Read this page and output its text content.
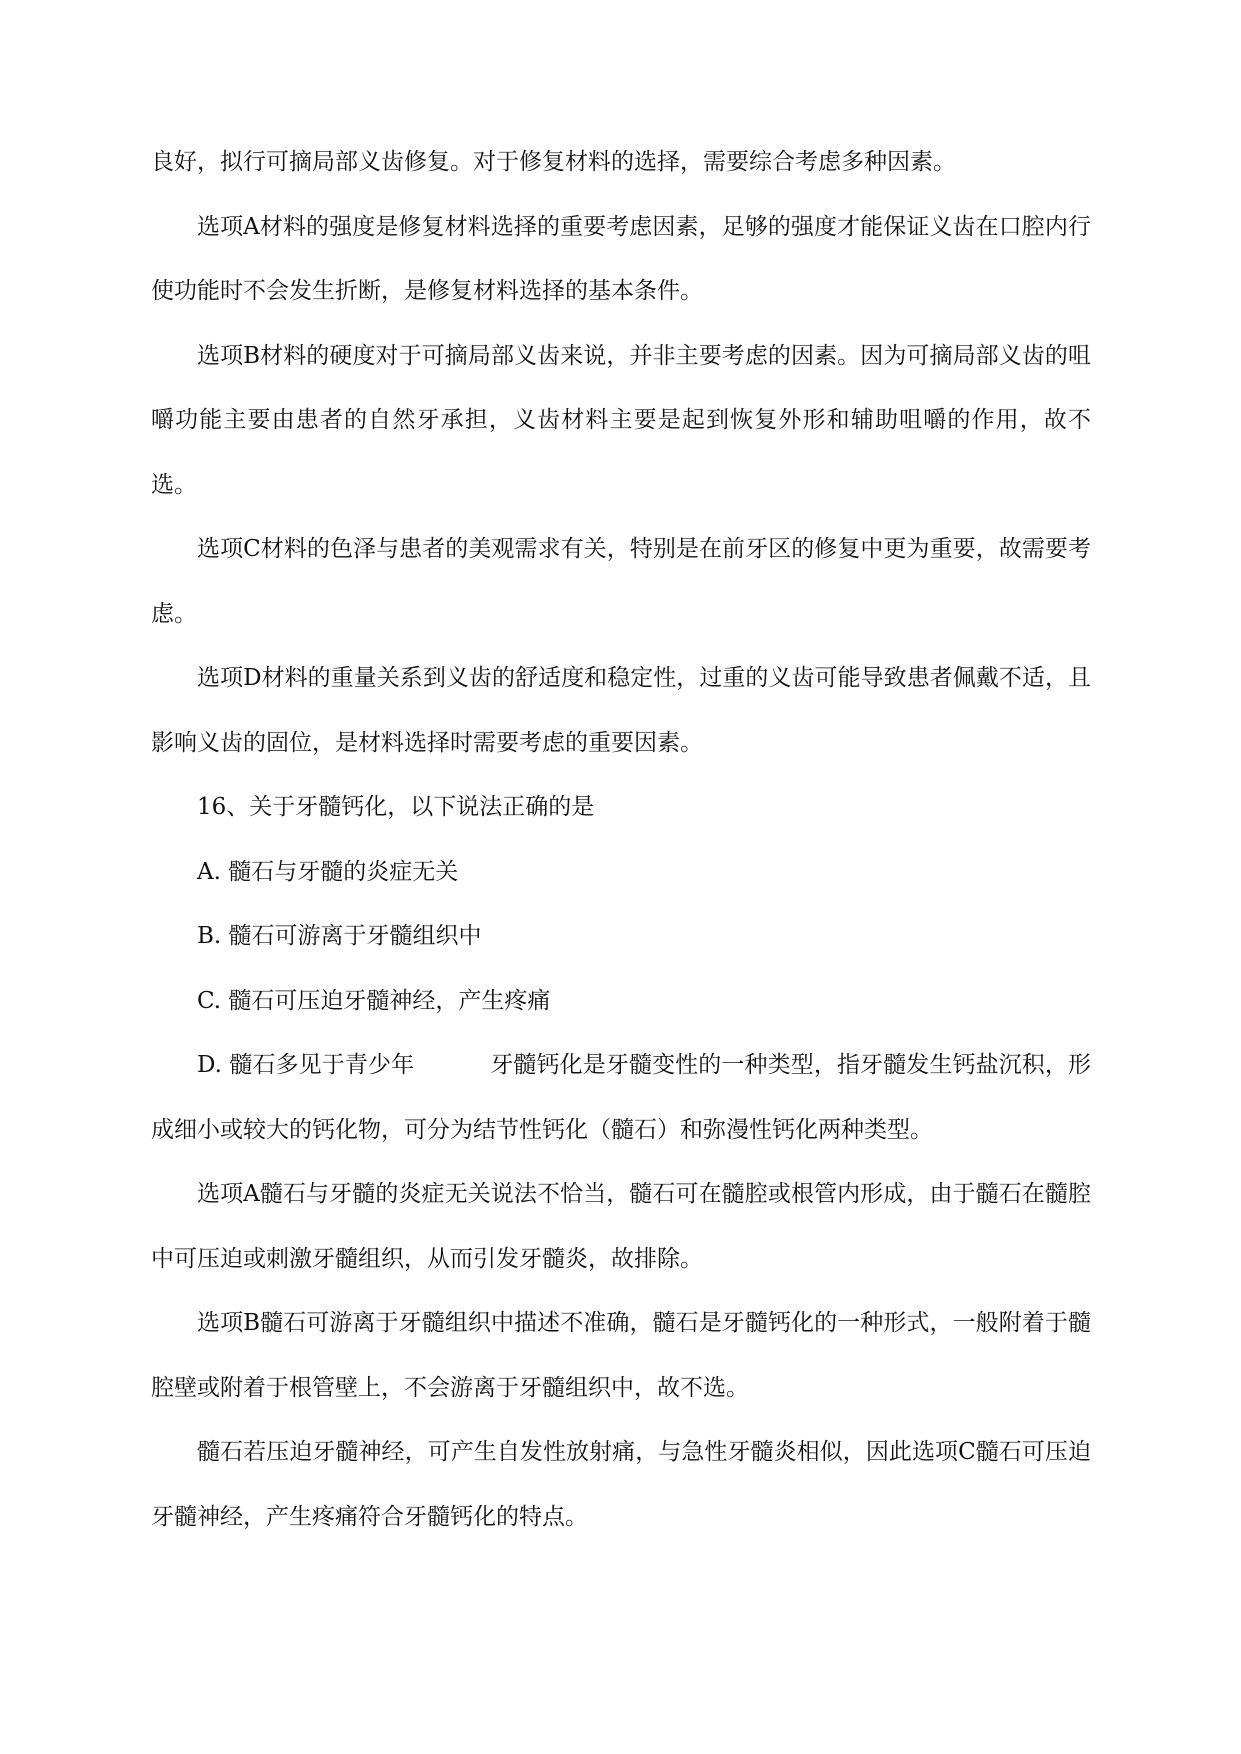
良好，拟行可摘局部义齿修复。对于修复材料的选择，需要综合考虑多种因素。

选项A材料的强度是修复材料选择的重要考虑因素，足够的强度才能保证义齿在口腔内行使功能时不会发生折断，是修复材料选择的基本条件。

选项B材料的硬度对于可摘局部义齿来说，并非主要考虑的因素。因为可摘局部义齿的咀嚼功能主要由患者的自然牙承担，义齿材料主要是起到恢复外形和辅助咀嚼的作用，故不选。

选项C材料的色泽与患者的美观需求有关，特别是在前牙区的修复中更为重要，故需要考虑。

选项D材料的重量关系到义齿的舒适度和稳定性，过重的义齿可能导致患者佩戴不适，且影响义齿的固位，是材料选择时需要考虑的重要因素。

16、关于牙髓钙化，以下说法正确的是

A. 髓石与牙髓的炎症无关

B. 髓石可游离于牙髓组织中

C. 髓石可压迫牙髓神经，产生疼痛

D. 髓石多见于青少年	牙髓钙化是牙髓变性的一种类型，指牙髓发生钙盐沉积，形成细小或较大的钙化物，可分为结节性钙化（髓石）和弥漫性钙化两种类型。

选项A髓石与牙髓的炎症无关说法不恰当，髓石可在髓腔或根管内形成，由于髓石在髓腔中可压迫或刺激牙髓组织，从而引发牙髓炎，故排除。

选项B髓石可游离于牙髓组织中描述不准确，髓石是牙髓钙化的一种形式，一般附着于髓腔壁或附着于根管壁上，不会游离于牙髓组织中，故不选。

髓石若压迫牙髓神经，可产生自发性放射痛，与急性牙髓炎相似，因此选项C髓石可压迫牙髓神经，产生疼痛符合牙髓钙化的特点。
